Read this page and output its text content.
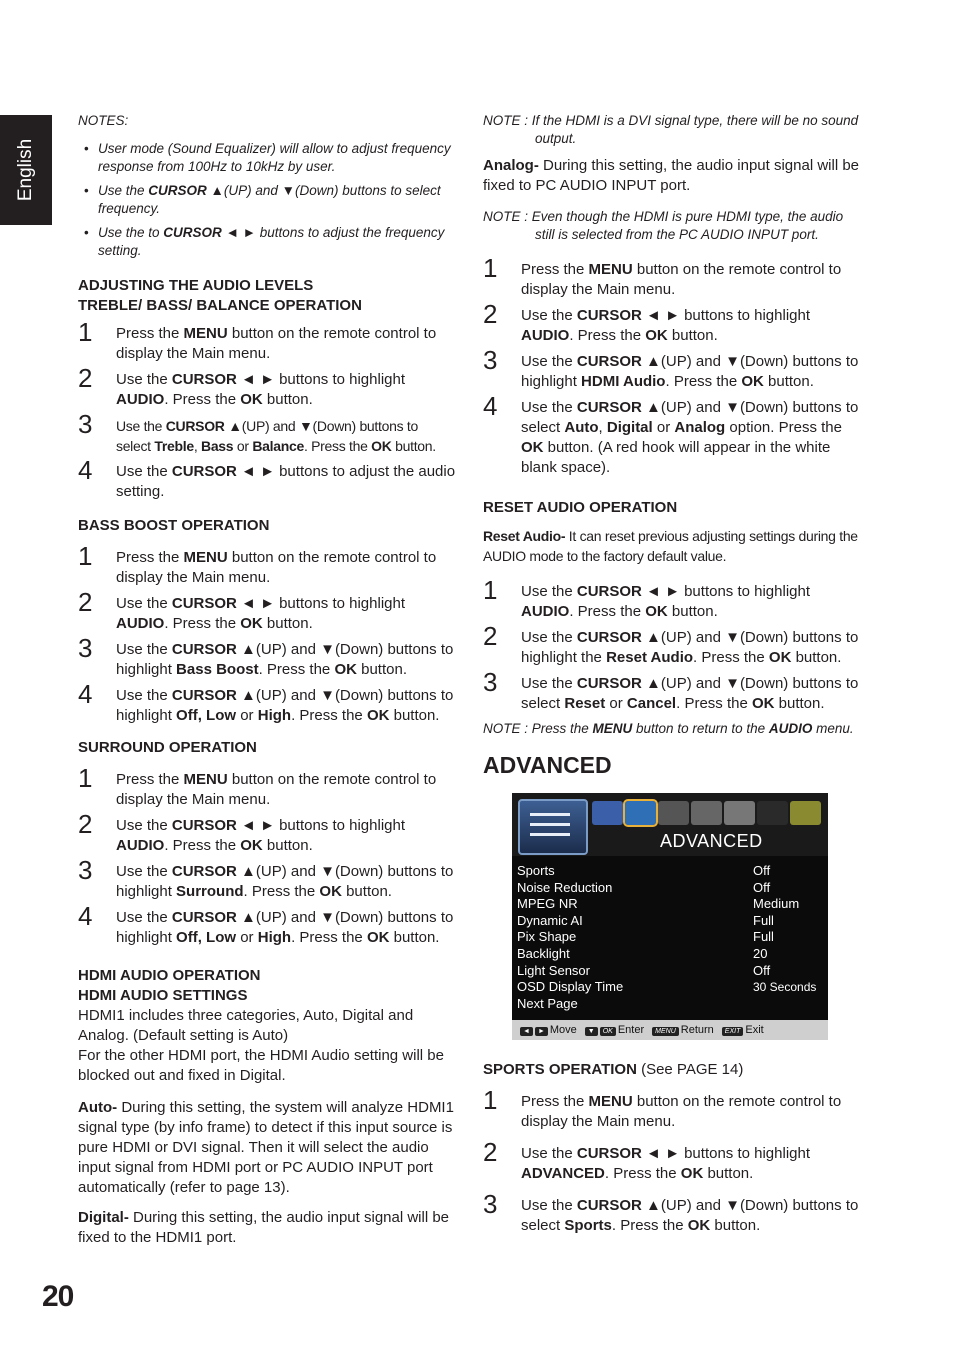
English
20
NOTES:
• User mode (Sound Equalizer) will allow to adjust frequency response from 100Hz to 10kHz by user.
• Use the CURSOR ▲(UP) and ▼(Down) buttons to select frequency.
• Use the to CURSOR ◄ ► buttons to adjust the frequency setting.
ADJUSTING THE AUDIO LEVELS
TREBLE/ BASS/ BALANCE OPERATION
1 Press the MENU button on the remote control to display the Main menu.
2 Use the CURSOR ◄ ► buttons to highlight AUDIO. Press the OK button.
3 Use the CURSOR ▲(UP) and ▼(Down) buttons to select Treble, Bass or Balance. Press the OK button.
4 Use the CURSOR ◄ ► buttons to adjust the audio setting.
BASS BOOST OPERATION
1 Press the MENU button on the remote control to display the Main menu.
2 Use the CURSOR ◄ ► buttons to highlight AUDIO. Press the OK button.
3 Use the CURSOR ▲(UP) and ▼(Down) buttons to highlight Bass Boost. Press the OK button.
4 Use the CURSOR ▲(UP) and ▼(Down) buttons to highlight Off, Low or High. Press the OK button.
SURROUND OPERATION
1 Press the MENU button on the remote control to display the Main menu.
2 Use the CURSOR ◄ ► buttons to highlight AUDIO. Press the OK button.
3 Use the CURSOR ▲(UP) and ▼(Down) buttons to highlight Surround. Press the OK button.
4 Use the CURSOR ▲(UP) and ▼(Down) buttons to highlight Off, Low or High. Press the OK button.
HDMI AUDIO OPERATION
HDMI AUDIO SETTINGS
HDMI1 includes three categories, Auto, Digital and Analog. (Default setting is Auto)
For the other HDMI port, the HDMI Audio setting will be blocked out and fixed in Digital.
Auto- During this setting, the system will analyze HDMI1 signal type (by info frame) to detect if this input source is pure HDMI or DVI signal. Then it will select the audio input signal from HDMI port or PC AUDIO INPUT port automatically (refer to page 13).
Digital- During this setting, the audio input signal will be fixed to the HDMI1 port.
NOTE : If the HDMI is a DVI signal type, there will be no sound output.
Analog- During this setting, the audio input signal will be fixed to PC AUDIO INPUT port.
NOTE : Even though the HDMI is pure HDMI type, the audio still is selected from the PC AUDIO INPUT port.
1 Press the MENU button on the remote control to display the Main menu.
2 Use the CURSOR ◄ ► buttons to highlight AUDIO. Press the OK button.
3 Use the CURSOR ▲(UP) and ▼(Down) buttons to highlight HDMI Audio. Press the OK button.
4 Use the CURSOR ▲(UP) and ▼(Down) buttons to select Auto, Digital or Analog option. Press the OK button. (A red hook will appear in the white blank space).
RESET AUDIO OPERATION
Reset Audio- It can reset previous adjusting settings during the AUDIO mode to the factory default value.
1 Use the CURSOR ◄ ► buttons to highlight AUDIO. Press the OK button.
2 Use the CURSOR ▲(UP) and ▼(Down) buttons to highlight the Reset Audio. Press the OK button.
3 Use the CURSOR ▲(UP) and ▼(Down) buttons to select Reset or Cancel. Press the OK button.
NOTE : Press the MENU button to return to the AUDIO menu.
ADVANCED
ADVANCED
Sports	Off
Noise Reduction	Off
MPEG NR	Medium
Dynamic AI	Full
Pix Shape	Full
Backlight	20
Light Sensor	Off
OSD Display Time	30 Seconds
Next Page
◄ ► Move	▼ OK Enter	MENU Return	EXIT Exit
SPORTS OPERATION (See PAGE 14)
1 Press the MENU button on the remote control to display the Main menu.
2 Use the CURSOR ◄ ► buttons to highlight ADVANCED. Press the OK button.
3 Use the CURSOR ▲(UP) and ▼(Down) buttons to select Sports. Press the OK button.
